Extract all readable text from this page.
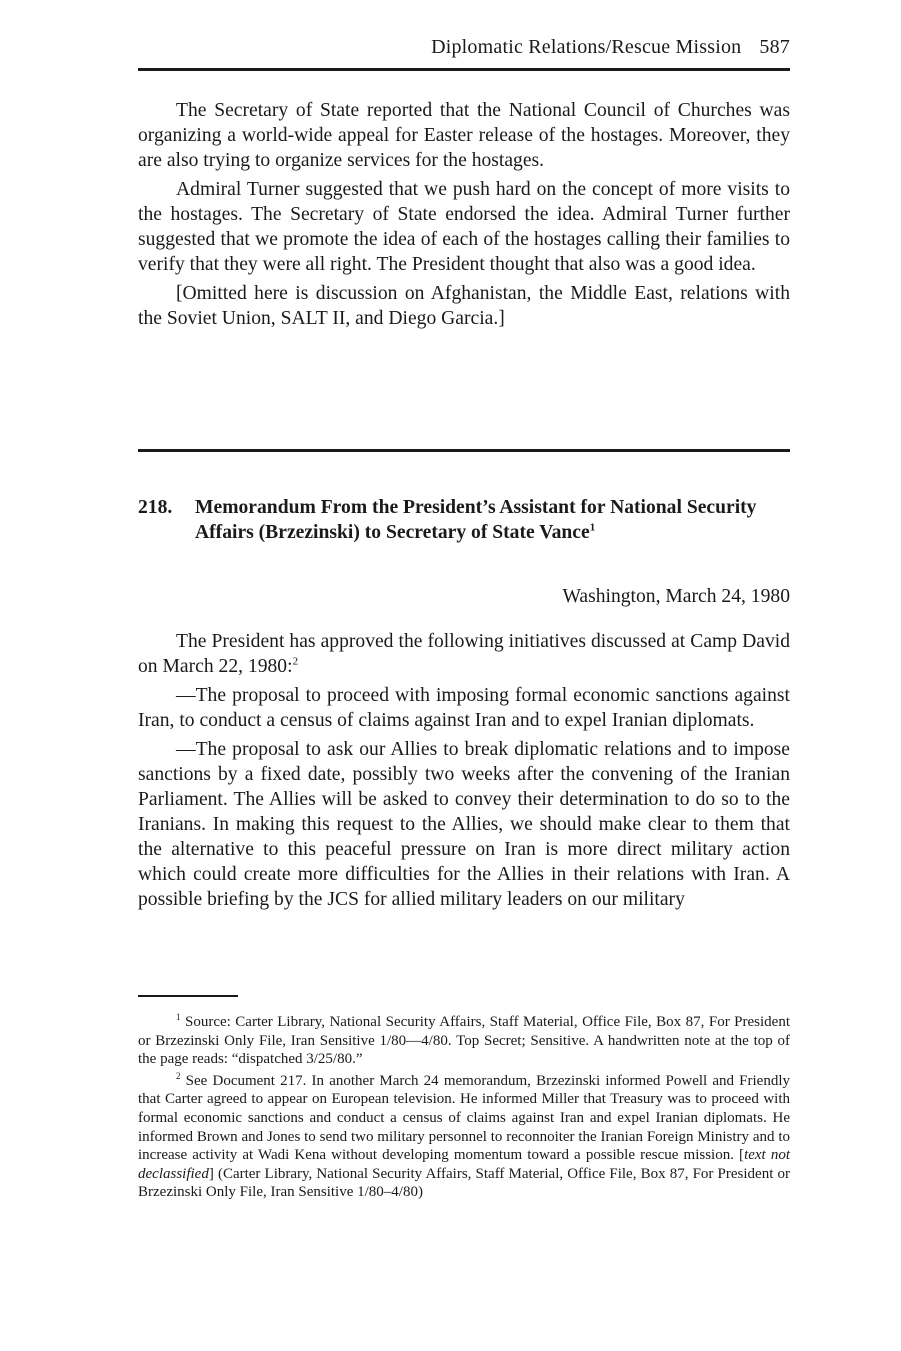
Diplomatic Relations/Rescue Mission 587

The Secretary of State reported that the National Council of Churches was organizing a world-wide appeal for Easter release of the hostages. Moreover, they are also trying to organize services for the hostages.

Admiral Turner suggested that we push hard on the concept of more visits to the hostages. The Secretary of State endorsed the idea. Admiral Turner further suggested that we promote the idea of each of the hostages calling their families to verify that they were all right. The President thought that also was a good idea.

[Omitted here is discussion on Afghanistan, the Middle East, relations with the Soviet Union, SALT II, and Diego Garcia.]

218. Memorandum From the President’s Assistant for National Security Affairs (Brzezinski) to Secretary of State Vance$^1$
Washington, March 24, 1980

The President has approved the following initiatives discussed at Camp David on March 22, 1980:$^2$

—The proposal to proceed with imposing formal economic sanctions against Iran, to conduct a census of claims against Iran and to expel Iranian diplomats.

—The proposal to ask our Allies to break diplomatic relations and to impose sanctions by a fixed date, possibly two weeks after the convening of the Iranian Parliament. The Allies will be asked to convey their determination to do so to the Iranians. In making this request to the Allies, we should make clear to them that the alternative to this peaceful pressure on Iran is more direct military action which could create more difficulties for the Allies in their relations with Iran. A possible briefing by the JCS for allied military leaders on our military

$^1$ Source: Carter Library, National Security Affairs, Staff Material, Office File, Box 87, For President or Brzezinski Only File, Iran Sensitive 1/80—4/80. Top Secret; Sensitive. A handwritten note at the top of the page reads: “dispatched 3/25/80.”

$^2$ See Document 217. In another March 24 memorandum, Brzezinski informed Powell and Friendly that Carter agreed to appear on European television. He informed Miller that Treasury was to proceed with formal economic sanctions and conduct a census of claims against Iran and expel Iranian diplomats. He informed Brown and Jones to send two military personnel to reconnoiter the Iranian Foreign Ministry and to increase activity at Wadi Kena without developing momentum toward a possible rescue mission. [text not declassified] (Carter Library, National Security Affairs, Staff Material, Office File, Box 87, For President or Brzezinski Only File, Iran Sensitive 1/80–4/80)
